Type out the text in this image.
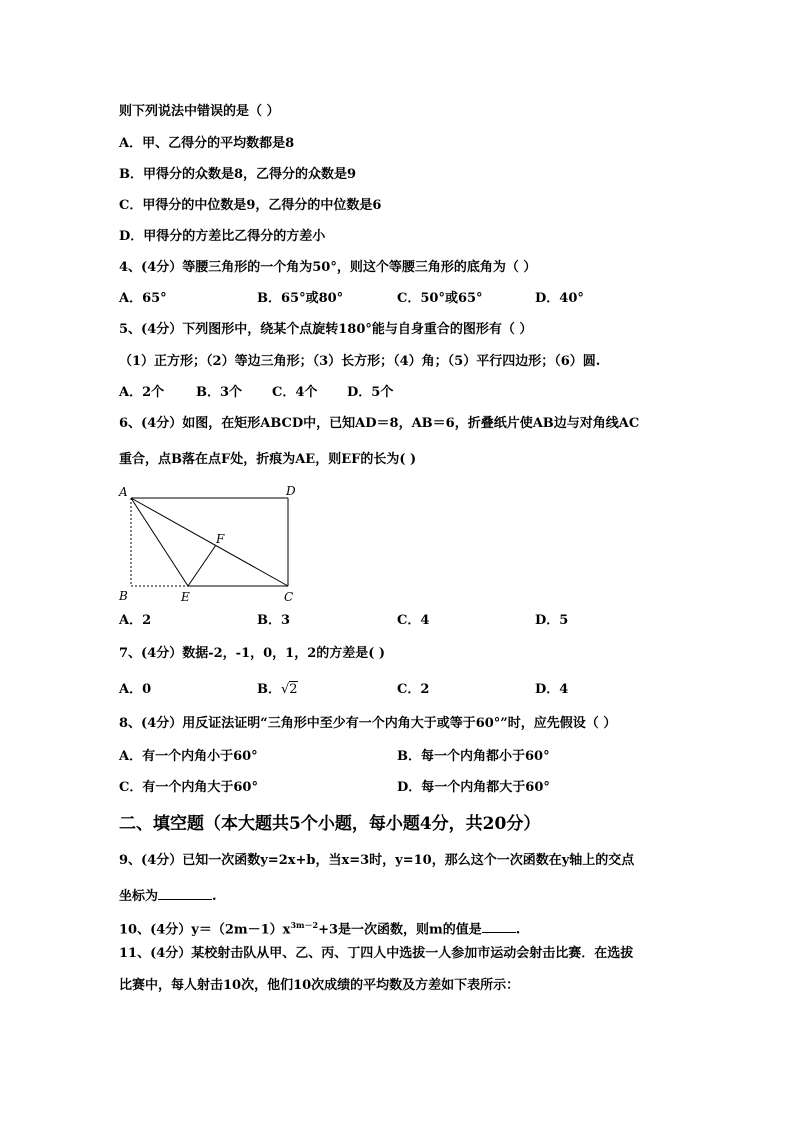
则下列说法中错误的是（ ）
A．甲、乙得分的平均数都是8
B．甲得分的众数是8，乙得分的众数是9
C．甲得分的中位数是9，乙得分的中位数是6
D．甲得分的方差比乙得分的方差小
4、(4分）等腰三角形的一个角为50°，则这个等腰三角形的底角为（ ）
A．65°	B．65°或80°	C．50°或65°	D．40°
5、(4分）下列图形中，绕某个点旋转180°能与自身重合的图形有（ ）
（1）正方形；（2）等边三角形；（3）长方形；（4）角；（5）平行四边形；（6）圆.
A．2个 B．3个 C．4个 D．5个
6、(4分）如图，在矩形ABCD中，已知AD＝8，AB＝6，折叠纸片使AB边与对角线AC
重合，点B落在点F处，折痕为AE，则EF的长为( )
A	D
B	E	C
F
A．2	B．3	C．4	D．5
7、(4分）数据-2，-1，0，1，2的方差是( )
A．0	B．√2	C．2	D．4
8、(4分）用反证法证明“三角形中至少有一个内角大于或等于60°”时，应先假设（ ）
A．有一个内角小于60°	B．每一个内角都小于60°
C．有一个内角大于60°	D．每一个内角都大于60°
二、填空题（本大题共5个小题，每小题4分，共20分）
9、(4分）已知一次函数y=2x+b，当x=3时，y=10，那么这个一次函数在y轴上的交点
坐标为	.
10、(4分）$y=(2m-1)x^{3m-2}+3$是一次函数，则m的值是	.
11、(4分）某校射击队从甲、乙、丙、丁四人中选拔一人参加市运动会射击比赛．在选拔
比赛中，每人射击10次，他们10次成绩的平均数及方差如下表所示：
